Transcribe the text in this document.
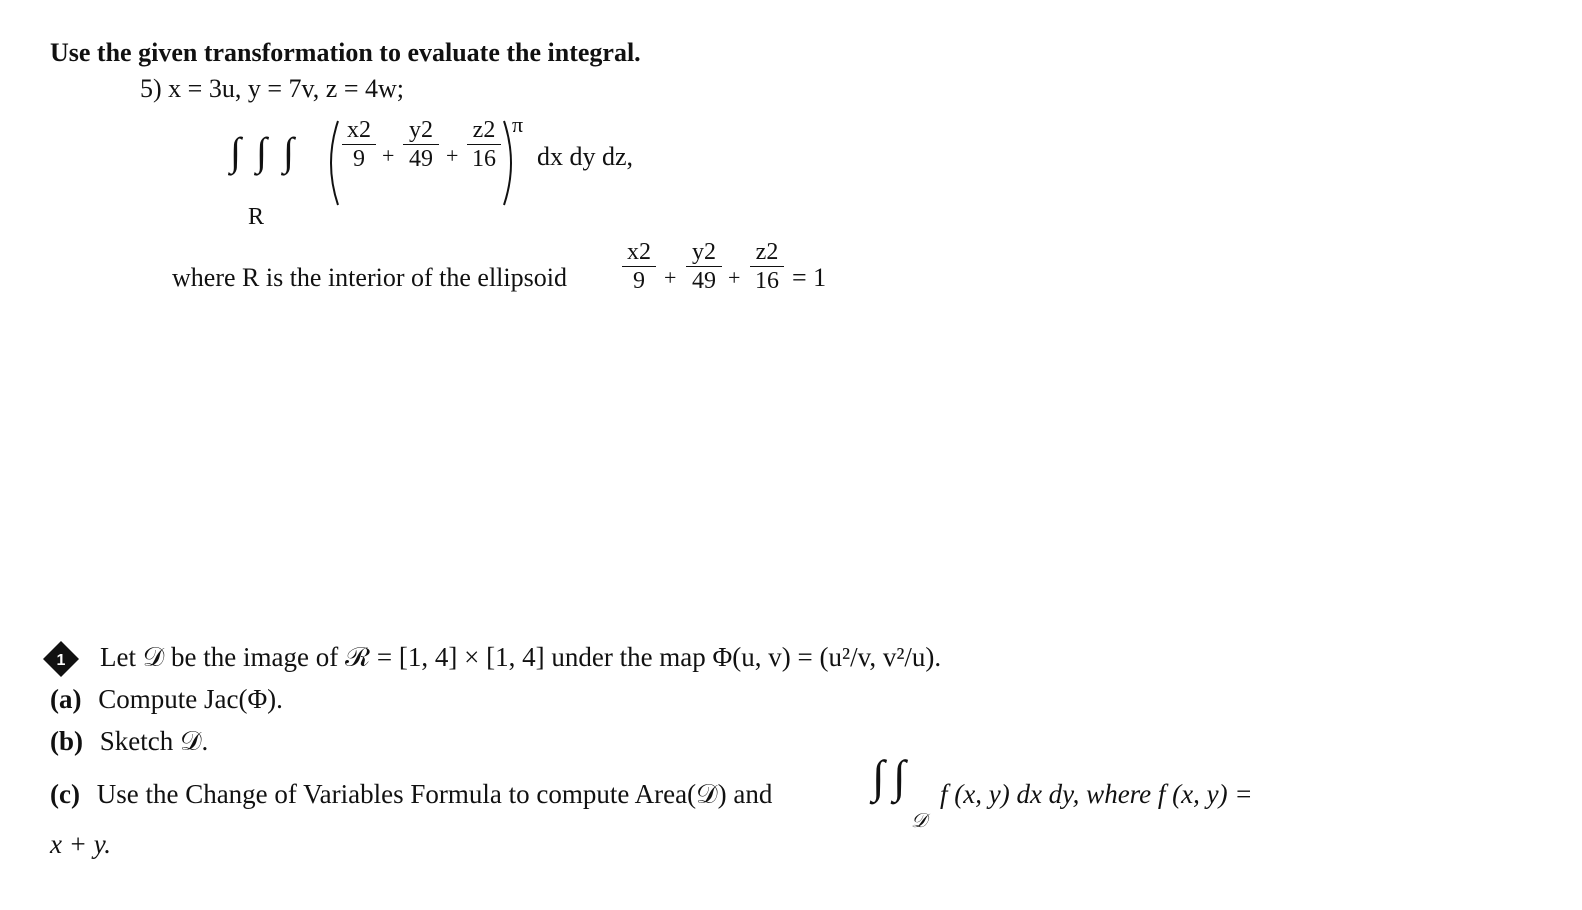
Use the given transformation to evaluate the integral.
5) x = 3u, y = 7v, z = 4w;
∫ ∫ ∫ x2
9 +
y2
49 +
z2
16
π
dx dy dz,
R
where R is the interior of the ellipsoid
x2
9 +
y2
49 +
z2
16 = 1
1 Let 𝒟 be the image of ℛ = [1, 4] × [1, 4] under the map Φ(u, v) = (u²/v, v²/u).
(a) Compute Jac(Φ).
(b) Sketch 𝒟.
(c) Use the Change of Variables Formula to compute Area(𝒟) and ∫ ∫
𝒟
f (x, y) dx dy, where f (x, y) =
x + y.
